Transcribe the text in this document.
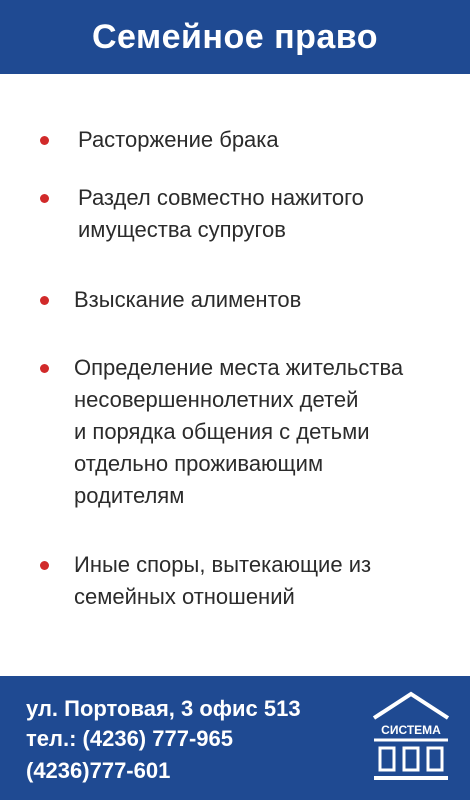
Семейное право
Расторжение брака
Раздел совместно нажитого
имущества супругов
Взыскание алиментов
Определение места жительства
несовершеннолетних детей
и порядка общения с детьми
отдельно проживающим
родителям
Иные споры, вытекающие из
семейных отношений
ул. Портовая, 3 офис 513
тел.: (4236) 777-965
(4236)777-601
СИСТЕМА
